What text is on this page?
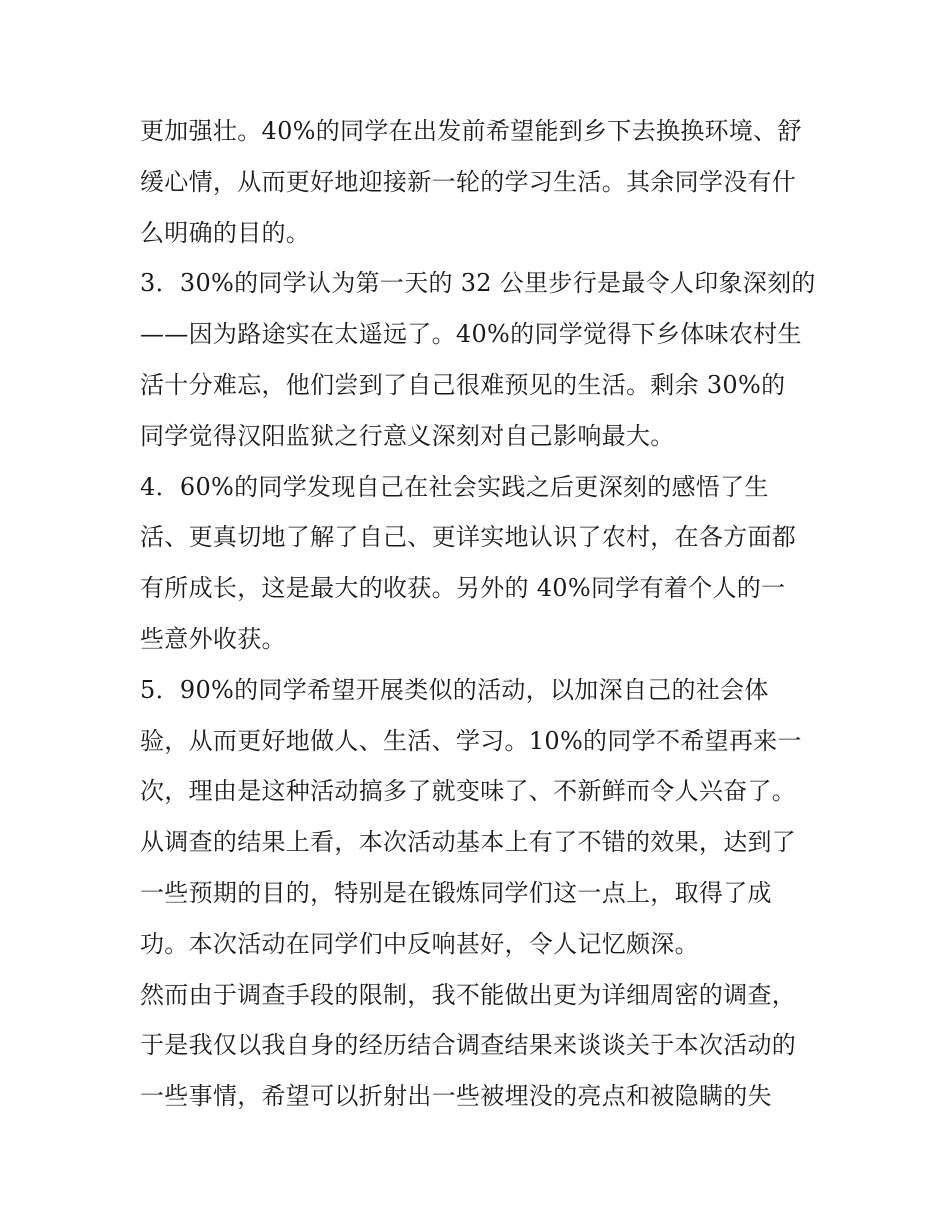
更加强壮。40%的同学在出发前希望能到乡下去换换环境、舒
缓心情，从而更好地迎接新一轮的学习生活。其余同学没有什
么明确的目的。
3．30%的同学认为第一天的 32 公里步行是最令人印象深刻的
——因为路途实在太遥远了。40%的同学觉得下乡体味农村生
活十分难忘，他们尝到了自己很难预见的生活。剩余 30%的
同学觉得汉阳监狱之行意义深刻对自己影响最大。
4．60%的同学发现自己在社会实践之后更深刻的感悟了生
活、更真切地了解了自己、更详实地认识了农村，在各方面都
有所成长，这是最大的收获。另外的 40%同学有着个人的一
些意外收获。
5．90%的同学希望开展类似的活动，以加深自己的社会体
验，从而更好地做人、生活、学习。10%的同学不希望再来一
次，理由是这种活动搞多了就变味了、不新鲜而令人兴奋了。
从调查的结果上看，本次活动基本上有了不错的效果，达到了
一些预期的目的，特别是在锻炼同学们这一点上，取得了成
功。本次活动在同学们中反响甚好，令人记忆颇深。
然而由于调查手段的限制，我不能做出更为详细周密的调查，
于是我仅以我自身的经历结合调查结果来谈谈关于本次活动的
一些事情，希望可以折射出一些被埋没的亮点和被隐瞒的失
